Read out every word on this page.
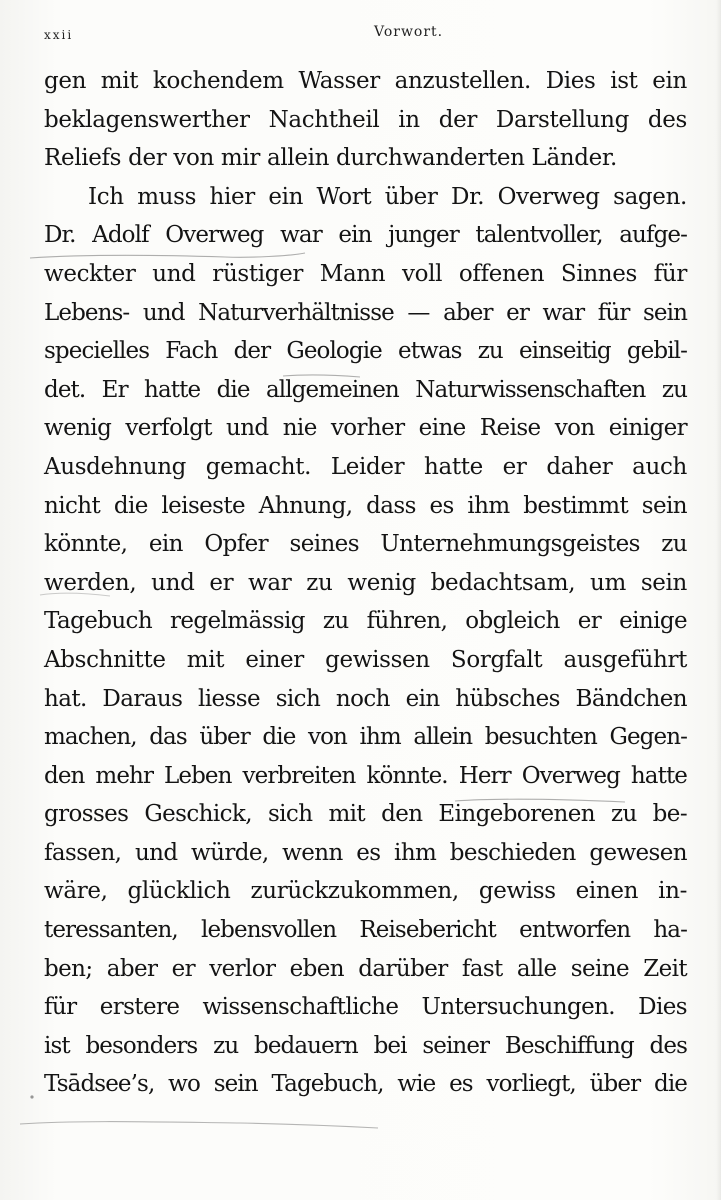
xxii	Vorwort.
gen mit kochendem Wasser anzustellen. Dies ist ein
beklagenswerther Nachtheil in der Darstellung des
Reliefs der von mir allein durchwanderten Länder.
Ich muss hier ein Wort über Dr. Overweg sagen.
Dr. Adolf Overweg war ein junger talentvoller, aufge-
weckter und rüstiger Mann voll offenen Sinnes für
Lebens- und Naturverhältnisse — aber er war für sein
specielles Fach der Geologie etwas zu einseitig gebil-
det. Er hatte die allgemeinen Naturwissenschaften zu
wenig verfolgt und nie vorher eine Reise von einiger
Ausdehnung gemacht. Leider hatte er daher auch
nicht die leiseste Ahnung, dass es ihm bestimmt sein
könnte, ein Opfer seines Unternehmungsgeistes zu
werden, und er war zu wenig bedachtsam, um sein
Tagebuch regelmässig zu führen, obgleich er einige
Abschnitte mit einer gewissen Sorgfalt ausgeführt
hat. Daraus liesse sich noch ein hübsches Bändchen
machen, das über die von ihm allein besuchten Gegen-
den mehr Leben verbreiten könnte. Herr Overweg hatte
grosses Geschick, sich mit den Eingeborenen zu be-
fassen, und würde, wenn es ihm beschieden gewesen
wäre, glücklich zurückzukommen, gewiss einen in-
teressanten, lebensvollen Reisebericht entworfen ha-
ben; aber er verlor eben darüber fast alle seine Zeit
für erstere wissenschaftliche Untersuchungen. Dies
ist besonders zu bedauern bei seiner Beschiffung des
Tsādsee’s, wo sein Tagebuch, wie es vorliegt, über die
